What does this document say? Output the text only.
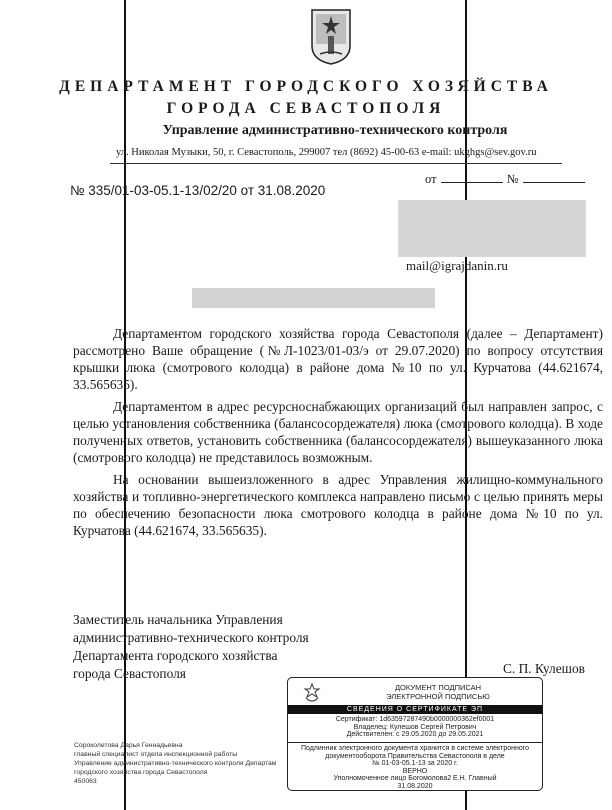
ДЕПАРТАМЕНТ ГОРОДСКОГО ХОЗЯЙСТВА
ГОРОДА СЕВАСТОПОЛЯ
Управление административно-технического контроля
ул. Николая Музыки, 50, г. Севастополь, 299007 тел (8692) 45-00-63 e-mail: ukghgs@sev.gov.ru
№ 335/01-03-05.1-13/02/20 от 31.08.2020
от	№
mail@igrajdanin.ru

Департаментом городского хозяйства города Севастополя (далее – Департамент) рассмотрено Ваше обращение (№Л-1023/01-03/э от 29.07.2020) по вопросу отсутствия крышки люка (смотрового колодца) в районе дома №10 по ул. Курчатова (44.621674, 33.565635).

Департаментом в адрес ресурсноснабжающих организаций был направлен запрос, с целью установления собственника (балансосордежателя) люка (смотрового колодца). В ходе полученных ответов, установить собственника (балансосордежателя) вышеуказанного люка (смотрового колодца) не представилось возможным.

На основании вышеизложенного в адрес Управления жилищно-коммунального хозяйства и топливно-энергетического комплекса направлено письмо с целью принять меры по обеспечению безопасности люка смотрового колодца в районе дома №10 по ул. Курчатова (44.621674, 33.565635).

Заместитель начальника Управления
административно-технического контроля
Департамента городского хозяйства
города Севастополя	С. П. Кулешов
ДОКУМЕНТ ПОДПИСАН
ЭЛЕКТРОННОЙ ПОДПИСЬЮ
СВЕДЕНИЯ О СЕРТИФИКАТЕ ЭП
Сертификат: 1d63597287490b0000000362ef0001
Владелец: Кулешов Сергей Петрович
Действителен: с 29.05.2020 до 29.05.2021
Подлинник электронного документа хранится в системе электронного
документооборота Правительства Севастополя в деле
№ 01-03-05.1-13 за 2020 г.
ВЕРНО
Уполномоченное лицо Богомолова2 Е.Н. Главный
31.08.2020
Сороколетова Дарья Геннадьевна
главный специалист отдела инспекционной работы
Управление административно-технического контроля Департам
городского хозяйства города Севастополя
450063
